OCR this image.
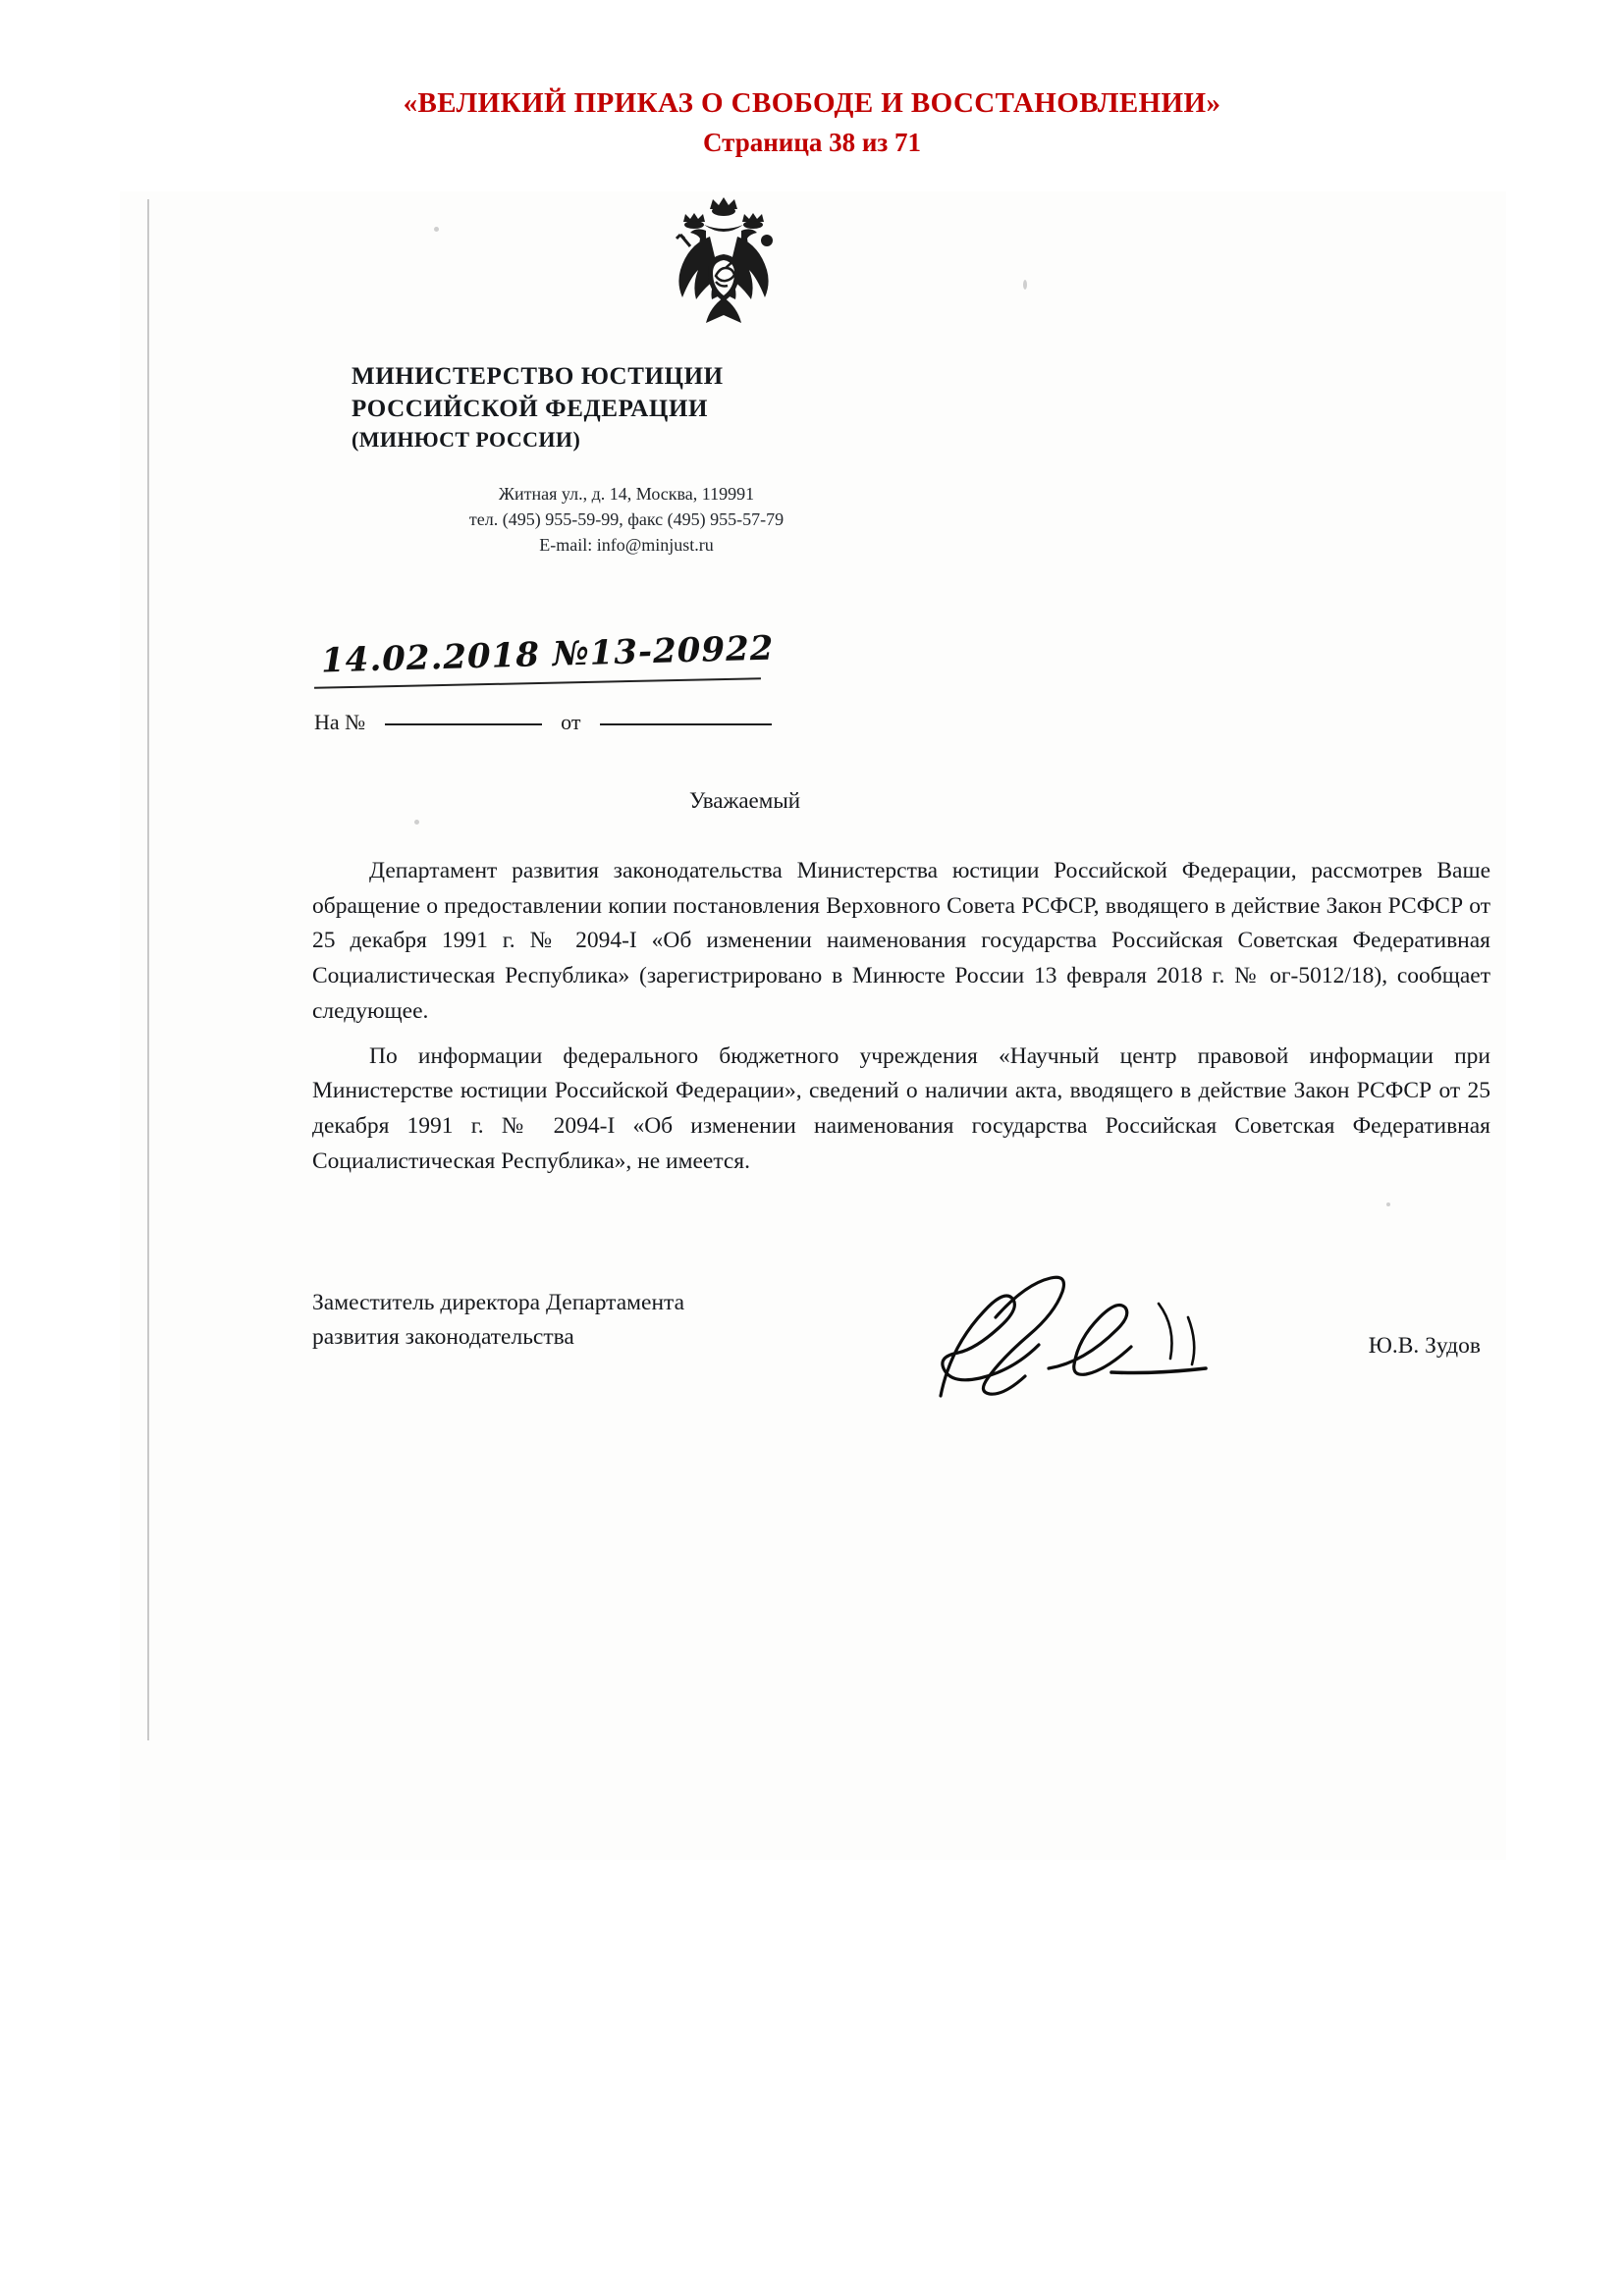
«ВЕЛИКИЙ ПРИКАЗ О СВОБОДЕ И ВОССТАНОВЛЕНИИ»
Страница 38 из 71
МИНИСТЕРСТВО ЮСТИЦИИ
РОССИЙСКОЙ ФЕДЕРАЦИИ
(МИНЮСТ РОССИИ)
Житная ул., д. 14, Москва, 119991
тел. (495) 955-59-99, факс (495) 955-57-79
E-mail: info@minjust.ru
14.02.2018 №13-20922
На №	от
Уважаемый

Департамент развития законодательства Министерства юстиции Российской Федерации, рассмотрев Ваше обращение о предоставлении копии постановления Верховного Совета РСФСР, вводящего в действие Закон РСФСР от 25 декабря 1991 г. № 2094-I «Об изменении наименования государства Российская Советская Федеративная Социалистическая Республика» (зарегистрировано в Минюсте России 13 февраля 2018 г. № ог-5012/18), сообщает следующее.

По информации федерального бюджетного учреждения «Научный центр правовой информации при Министерстве юстиции Российской Федерации», сведений о наличии акта, вводящего в действие Закон РСФСР от 25 декабря 1991 г. № 2094-I «Об изменении наименования государства Российская Советская Федеративная Социалистическая Республика», не имеется.

Заместитель директора Департамента
развития законодательства	Ю.В. Зудов
